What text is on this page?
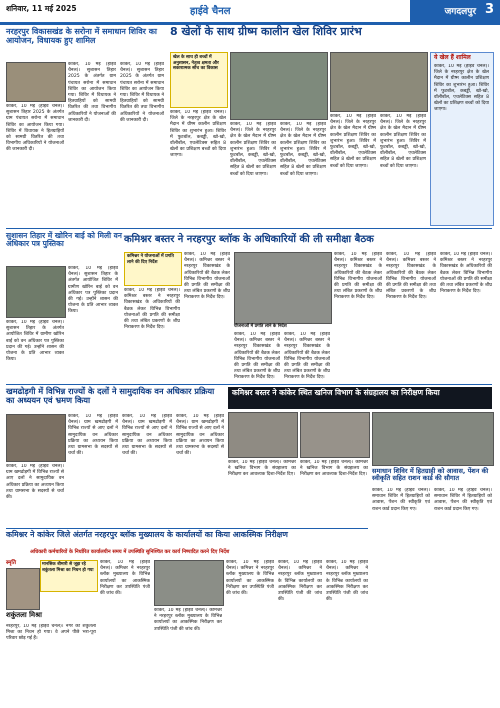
शनिवार, 11 मई 2025	हाईवे चैनल	जगदलपुर 3
नरहरपुर विकासखंड के सरोना में समाधान शिविर का आयोजन, विधायक हुए शामिल
कांकेर, 10 मई (हाईवे चैनल)। सुशासन तिहार 2025 के अंतर्गत ग्राम पंचायत सरोना में समाधान शिविर का आयोजन किया गया। शिविर में विधायक ने हितग्राहियों को सामग्री वितरित की तथा विभागीय अधिकारियों ने योजनाओं की जानकारी दी।
कांकेर, 10 मई (हाईवे चैनल)। सुशासन तिहार 2025 के अंतर्गत ग्राम पंचायत सरोना में समाधान शिविर का आयोजन किया गया। शिविर में विधायक ने हितग्राहियों को सामग्री वितरित की तथा विभागीय अधिकारियों ने योजनाओं की जानकारी दी।
कांकेर, 10 मई (हाईवे चैनल)। सुशासन तिहार 2025 के अंतर्गत ग्राम पंचायत सरोना में समाधान शिविर का आयोजन किया गया। शिविर में विधायक ने हितग्राहियों को सामग्री वितरित की तथा विभागीय अधिकारियों ने योजनाओं की जानकारी दी।
8 खेलों के साथ ग्रीष्म कालीन खेल शिविर प्रारंभ
खेल के साथ ही बच्चों में अनुशासन, नेतृत्व क्षमता और सकारात्मक सोच का विकास
कांकेर, 10 मई (हाईवे चैनल)। जिले के नरहरपुर क्षेत्र के खेल मैदान में ग्रीष्म कालीन प्रशिक्षण शिविर का शुभारंभ हुआ। शिविर में फुटबॉल, कबड्डी, खो-खो, वॉलीबॉल, एथलेटिक्स सहित 8 खेलों का प्रशिक्षण बच्चों को दिया जाएगा।
कांकेर, 10 मई (हाईवे चैनल)। जिले के नरहरपुर क्षेत्र के खेल मैदान में ग्रीष्म कालीन प्रशिक्षण शिविर का शुभारंभ हुआ। शिविर में फुटबॉल, कबड्डी, खो-खो, वॉलीबॉल, एथलेटिक्स सहित 8 खेलों का प्रशिक्षण बच्चों को दिया जाएगा।
कांकेर, 10 मई (हाईवे चैनल)। जिले के नरहरपुर क्षेत्र के खेल मैदान में ग्रीष्म कालीन प्रशिक्षण शिविर का शुभारंभ हुआ। शिविर में फुटबॉल, कबड्डी, खो-खो, वॉलीबॉल, एथलेटिक्स सहित 8 खेलों का प्रशिक्षण बच्चों को दिया जाएगा।
कांकेर, 10 मई (हाईवे चैनल)। जिले के नरहरपुर क्षेत्र के खेल मैदान में ग्रीष्म कालीन प्रशिक्षण शिविर का शुभारंभ हुआ। शिविर में फुटबॉल, कबड्डी, खो-खो, वॉलीबॉल, एथलेटिक्स सहित 8 खेलों का प्रशिक्षण बच्चों को दिया जाएगा।
कांकेर, 10 मई (हाईवे चैनल)। जिले के नरहरपुर क्षेत्र के खेल मैदान में ग्रीष्म कालीन प्रशिक्षण शिविर का शुभारंभ हुआ। शिविर में फुटबॉल, कबड्डी, खो-खो, वॉलीबॉल, एथलेटिक्स सहित 8 खेलों का प्रशिक्षण बच्चों को दिया जाएगा।
ये खेल हैं शामिल
कांकेर, 10 मई (हाईवे चैनल)। जिले के नरहरपुर क्षेत्र के खेल मैदान में ग्रीष्म कालीन प्रशिक्षण शिविर का शुभारंभ हुआ। शिविर में फुटबॉल, कबड्डी, खो-खो, वॉलीबॉल, एथलेटिक्स सहित 8 खेलों का प्रशिक्षण बच्चों को दिया जाएगा।
सुशासन तिहार में खोरिन बाई को मिली वन अधिकार पत्र पुस्तिका
कांकेर, 10 मई (हाईवे चैनल)। सुशासन तिहार के अंतर्गत आयोजित शिविर में ग्रामीण खोरिन बाई को वन अधिकार पत्र पुस्तिका प्रदान की गई। उन्होंने शासन की योजना के प्रति आभार व्यक्त किया।
कांकेर, 10 मई (हाईवे चैनल)। सुशासन तिहार के अंतर्गत आयोजित शिविर में ग्रामीण खोरिन बाई को वन अधिकार पत्र पुस्तिका प्रदान की गई। उन्होंने शासन की योजना के प्रति आभार व्यक्त किया।
कमिश्नर बस्तर ने नरहरपुर ब्लॉक के अधिकारियों की ली समीक्षा बैठक
कमिश्नर ने योजनाओं में प्रगति लाने की दिए निर्देश
कांकेर, 10 मई (हाईवे चैनल)। कमिश्नर बस्तर ने नरहरपुर विकासखंड के अधिकारियों की बैठक लेकर विभिन्न विभागीय योजनाओं की प्रगति की समीक्षा की तथा लंबित प्रकरणों के शीघ्र निराकरण के निर्देश दिए।
कांकेर, 10 मई (हाईवे चैनल)। कमिश्नर बस्तर ने नरहरपुर विकासखंड के अधिकारियों की बैठक लेकर विभिन्न विभागीय योजनाओं की प्रगति की समीक्षा की तथा लंबित प्रकरणों के शीघ्र निराकरण के निर्देश दिए।
योजनाओं में प्रगति लाने के निर्देश
कांकेर, 10 मई (हाईवे चैनल)। कमिश्नर बस्तर ने नरहरपुर विकासखंड के अधिकारियों की बैठक लेकर विभिन्न विभागीय योजनाओं की प्रगति की समीक्षा की तथा लंबित प्रकरणों के शीघ्र निराकरण के निर्देश दिए।
कांकेर, 10 मई (हाईवे चैनल)। कमिश्नर बस्तर ने नरहरपुर विकासखंड के अधिकारियों की बैठक लेकर विभिन्न विभागीय योजनाओं की प्रगति की समीक्षा की तथा लंबित प्रकरणों के शीघ्र निराकरण के निर्देश दिए।
कांकेर, 10 मई (हाईवे चैनल)। कमिश्नर बस्तर ने नरहरपुर विकासखंड के अधिकारियों की बैठक लेकर विभिन्न विभागीय योजनाओं की प्रगति की समीक्षा की तथा लंबित प्रकरणों के शीघ्र निराकरण के निर्देश दिए।
कांकेर, 10 मई (हाईवे चैनल)। कमिश्नर बस्तर ने नरहरपुर विकासखंड के अधिकारियों की बैठक लेकर विभिन्न विभागीय योजनाओं की प्रगति की समीक्षा की तथा लंबित प्रकरणों के शीघ्र निराकरण के निर्देश दिए।
कांकेर, 10 मई (हाईवे चैनल)। कमिश्नर बस्तर ने नरहरपुर विकासखंड के अधिकारियों की बैठक लेकर विभिन्न विभागीय योजनाओं की प्रगति की समीक्षा की तथा लंबित प्रकरणों के शीघ्र निराकरण के निर्देश दिए।
खमढोड़गी में विभिन्न राज्यों के दलों ने सामुदायिक वन अधिकार प्रक्रिया का अध्ययन एवं भ्रमण किया
कांकेर, 10 मई (हाईवे चैनल)। ग्राम खमढोड़गी में विभिन्न राज्यों से आए दलों ने सामुदायिक वन अधिकार प्रक्रिया का अध्ययन किया तथा ग्रामसभा के सदस्यों से चर्चा की।
कांकेर, 10 मई (हाईवे चैनल)। ग्राम खमढोड़गी में विभिन्न राज्यों से आए दलों ने सामुदायिक वन अधिकार प्रक्रिया का अध्ययन किया तथा ग्रामसभा के सदस्यों से चर्चा की।
कांकेर, 10 मई (हाईवे चैनल)। ग्राम खमढोड़गी में विभिन्न राज्यों से आए दलों ने सामुदायिक वन अधिकार प्रक्रिया का अध्ययन किया तथा ग्रामसभा के सदस्यों से चर्चा की।
कांकेर, 10 मई (हाईवे चैनल)। ग्राम खमढोड़गी में विभिन्न राज्यों से आए दलों ने सामुदायिक वन अधिकार प्रक्रिया का अध्ययन किया तथा ग्रामसभा के सदस्यों से चर्चा की।
कमिश्नर बस्तर ने कांकेर स्थित खनिज विभाग के संग्रहालय का निरीक्षण किया
कांकेर, 10 मई (हाईवे चैनल)। कमिश्नर ने खनिज विभाग के संग्रहालय का निरीक्षण कर आवश्यक दिशा-निर्देश दिए।
कांकेर, 10 मई (हाईवे चैनल)। कमिश्नर ने खनिज विभाग के संग्रहालय का निरीक्षण कर आवश्यक दिशा-निर्देश दिए। समाधान शिविर में हितग्राही को आवास, पेंशन की स्वीकृति सहित राशन कार्ड की सौगात
कांकेर, 10 मई (हाईवे चैनल)। समाधान शिविर में हितग्राहियों को आवास, पेंशन की स्वीकृति एवं राशन कार्ड प्रदान किए गए।
कांकेर, 10 मई (हाईवे चैनल)। समाधान शिविर में हितग्राहियों को आवास, पेंशन की स्वीकृति एवं राशन कार्ड प्रदान किए गए।
कमिश्नर ने कांकेर जिले अंतर्गत नरहरपुर ब्लॉक मुख्यालय के कार्यालयों का किया आकस्मिक निरीक्षण
अधिकारी कर्मचारियों के निर्धारित कार्यालयीन समय में उपस्थिति सुनिश्चित कर कार्य निष्पादित करने दिए निर्देश
स्मृति	मानसिक बीमारी से जूझ रहे शकुंतला मिश्रा का निधन हो गया
शकुंतला मिश्रा
नरहरपुर, 10 मई (हाईवे चैनल)। नगर की शकुंतला मिश्रा का निधन हो गया। वे अपने पीछे भरा-पूरा परिवार छोड़ गई हैं।
कांकेर, 10 मई (हाईवे चैनल)। कमिश्नर ने नरहरपुर ब्लॉक मुख्यालय के विभिन्न कार्यालयों का आकस्मिक निरीक्षण कर उपस्थिति पंजी की जांच की।
कांकेर, 10 मई (हाईवे चैनल)। कमिश्नर ने नरहरपुर ब्लॉक मुख्यालय के विभिन्न कार्यालयों का आकस्मिक निरीक्षण कर उपस्थिति पंजी की जांच की।
कांकेर, 10 मई (हाईवे चैनल)। कमिश्नर ने नरहरपुर ब्लॉक मुख्यालय के विभिन्न कार्यालयों का आकस्मिक निरीक्षण कर उपस्थिति पंजी की जांच की।
कांकेर, 10 मई (हाईवे चैनल)। कमिश्नर ने नरहरपुर ब्लॉक मुख्यालय के विभिन्न कार्यालयों का आकस्मिक निरीक्षण कर उपस्थिति पंजी की जांच की।
कांकेर, 10 मई (हाईवे चैनल)। कमिश्नर ने नरहरपुर ब्लॉक मुख्यालय के विभिन्न कार्यालयों का आकस्मिक निरीक्षण कर उपस्थिति पंजी की जांच की।
